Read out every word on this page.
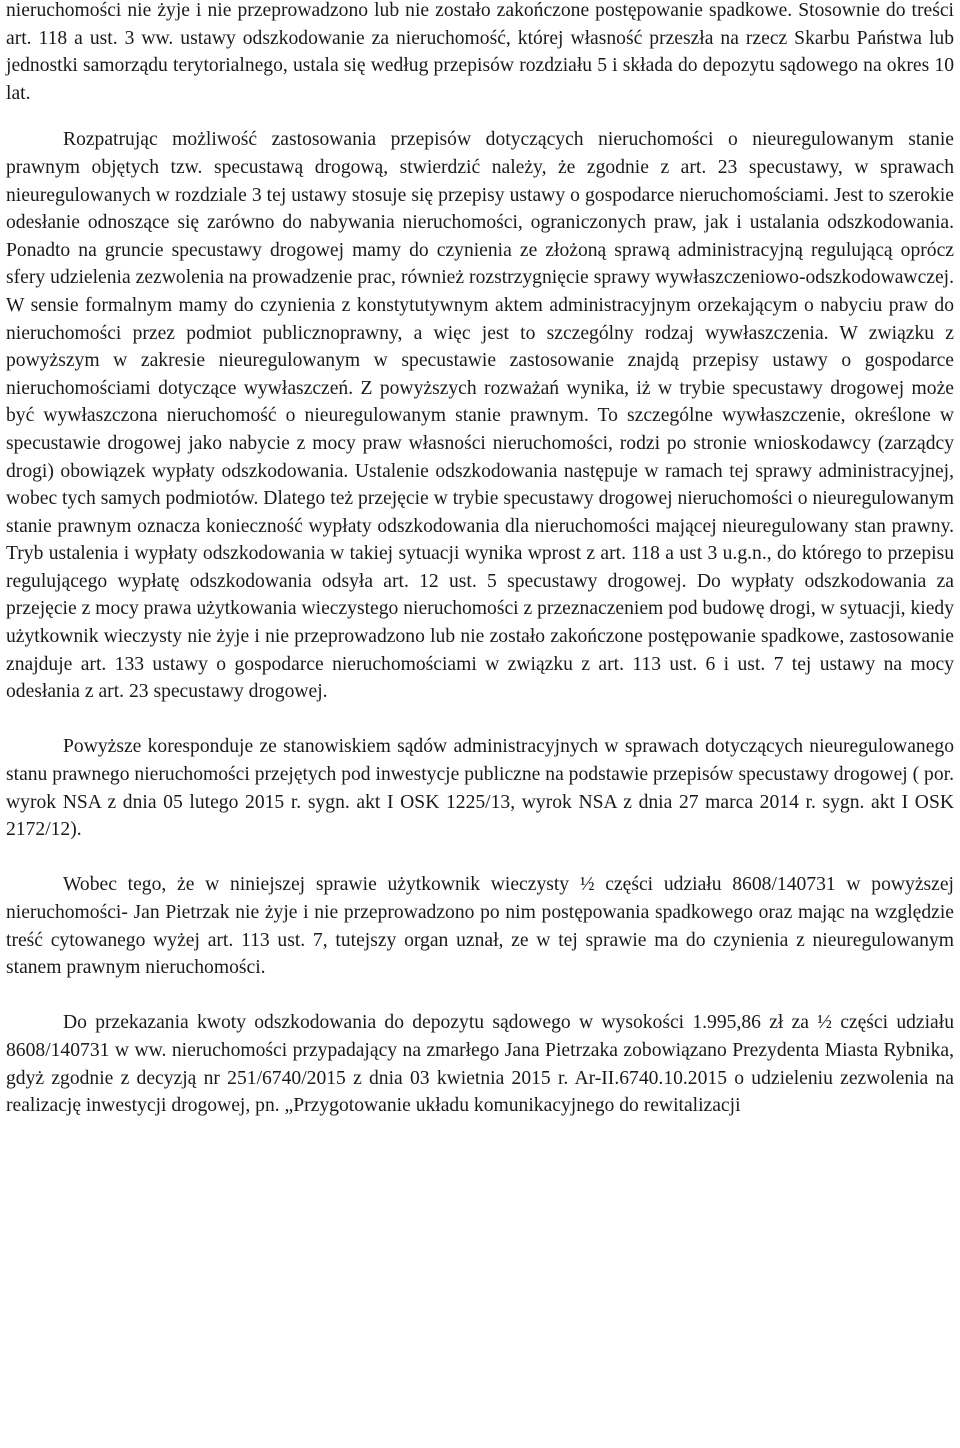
nieruchomości nie żyje i nie przeprowadzono lub nie zostało zakończone postępowanie spadkowe. Stosownie do treści art. 118 a ust. 3 ww. ustawy odszkodowanie za nieruchomość, której własność przeszła na rzecz Skarbu Państwa lub jednostki samorządu terytorialnego, ustala się według przepisów rozdziału 5 i składa do depozytu sądowego na okres 10 lat.

Rozpatrując możliwość zastosowania przepisów dotyczących nieruchomości o nieuregulowanym stanie prawnym objętych tzw. specustawą drogową, stwierdzić należy, że zgodnie z art. 23 specustawy, w sprawach nieuregulowanych w rozdziale 3 tej ustawy stosuje się przepisy ustawy o gospodarce nieruchomościami. Jest to szerokie odesłanie odnoszące się zarówno do nabywania nieruchomości, ograniczonych praw, jak i ustalania odszkodowania. Ponadto na gruncie specustawy drogowej mamy do czynienia ze złożoną sprawą administracyjną regulującą oprócz sfery udzielenia zezwolenia na prowadzenie prac, również rozstrzygnięcie sprawy wywłaszczeniowo-odszkodowawczej. W sensie formalnym mamy do czynienia z konstytutywnym aktem administracyjnym orzekającym o nabyciu praw do nieruchomości przez podmiot publicznoprawny, a więc jest to szczególny rodzaj wywłaszczenia. W związku z powyższym w zakresie nieuregulowanym w specustawie zastosowanie znajdą przepisy ustawy o gospodarce nieruchomościami dotyczące wywłaszczeń. Z powyższych rozważań wynika, iż w trybie specustawy drogowej może być wywłaszczona nieruchomość o nieuregulowanym stanie prawnym. To szczególne wywłaszczenie, określone w specustawie drogowej jako nabycie z mocy praw własności nieruchomości, rodzi po stronie wnioskodawcy (zarządcy drogi) obowiązek wypłaty odszkodowania. Ustalenie odszkodowania następuje w ramach tej sprawy administracyjnej, wobec tych samych podmiotów. Dlatego też przejęcie w trybie specustawy drogowej nieruchomości o nieuregulowanym stanie prawnym oznacza konieczność wypłaty odszkodowania dla nieruchomości mającej nieuregulowany stan prawny. Tryb ustalenia i wypłaty odszkodowania w takiej sytuacji wynika wprost z art. 118 a ust 3 u.g.n., do którego to przepisu regulującego wypłatę odszkodowania odsyła art. 12 ust. 5 specustawy drogowej. Do wypłaty odszkodowania za przejęcie z mocy prawa użytkowania wieczystego nieruchomości z przeznaczeniem pod budowę drogi, w sytuacji, kiedy użytkownik wieczysty nie żyje i nie przeprowadzono lub nie zostało zakończone postępowanie spadkowe, zastosowanie znajduje art. 133 ustawy o gospodarce nieruchomościami w związku z art. 113 ust. 6 i ust. 7 tej ustawy na mocy odesłania z art. 23 specustawy drogowej.

Powyższe koresponduje ze stanowiskiem sądów administracyjnych w sprawach dotyczących nieuregulowanego stanu prawnego nieruchomości przejętych pod inwestycje publiczne na podstawie przepisów specustawy drogowej ( por. wyrok NSA z dnia 05 lutego 2015 r. sygn. akt I OSK 1225/13, wyrok NSA z dnia 27 marca 2014 r. sygn. akt I OSK 2172/12).

Wobec tego, że w niniejszej sprawie użytkownik wieczysty ½ części udziału 8608/140731 w powyższej nieruchomości- Jan Pietrzak nie żyje i nie przeprowadzono po nim postępowania spadkowego oraz mając na względzie treść cytowanego wyżej art. 113 ust. 7, tutejszy organ uznał, ze w tej sprawie ma do czynienia z nieuregulowanym stanem prawnym nieruchomości.

Do przekazania kwoty odszkodowania do depozytu sądowego w wysokości 1.995,86 zł za ½ części udziału 8608/140731 w ww. nieruchomości przypadający na zmarłego Jana Pietrzaka zobowiązano Prezydenta Miasta Rybnika, gdyż zgodnie z decyzją nr 251/6740/2015 z dnia 03 kwietnia 2015 r. Ar-II.6740.10.2015 o udzieleniu zezwolenia na realizację inwestycji drogowej, pn. „Przygotowanie układu komunikacyjnego do rewitalizacji
